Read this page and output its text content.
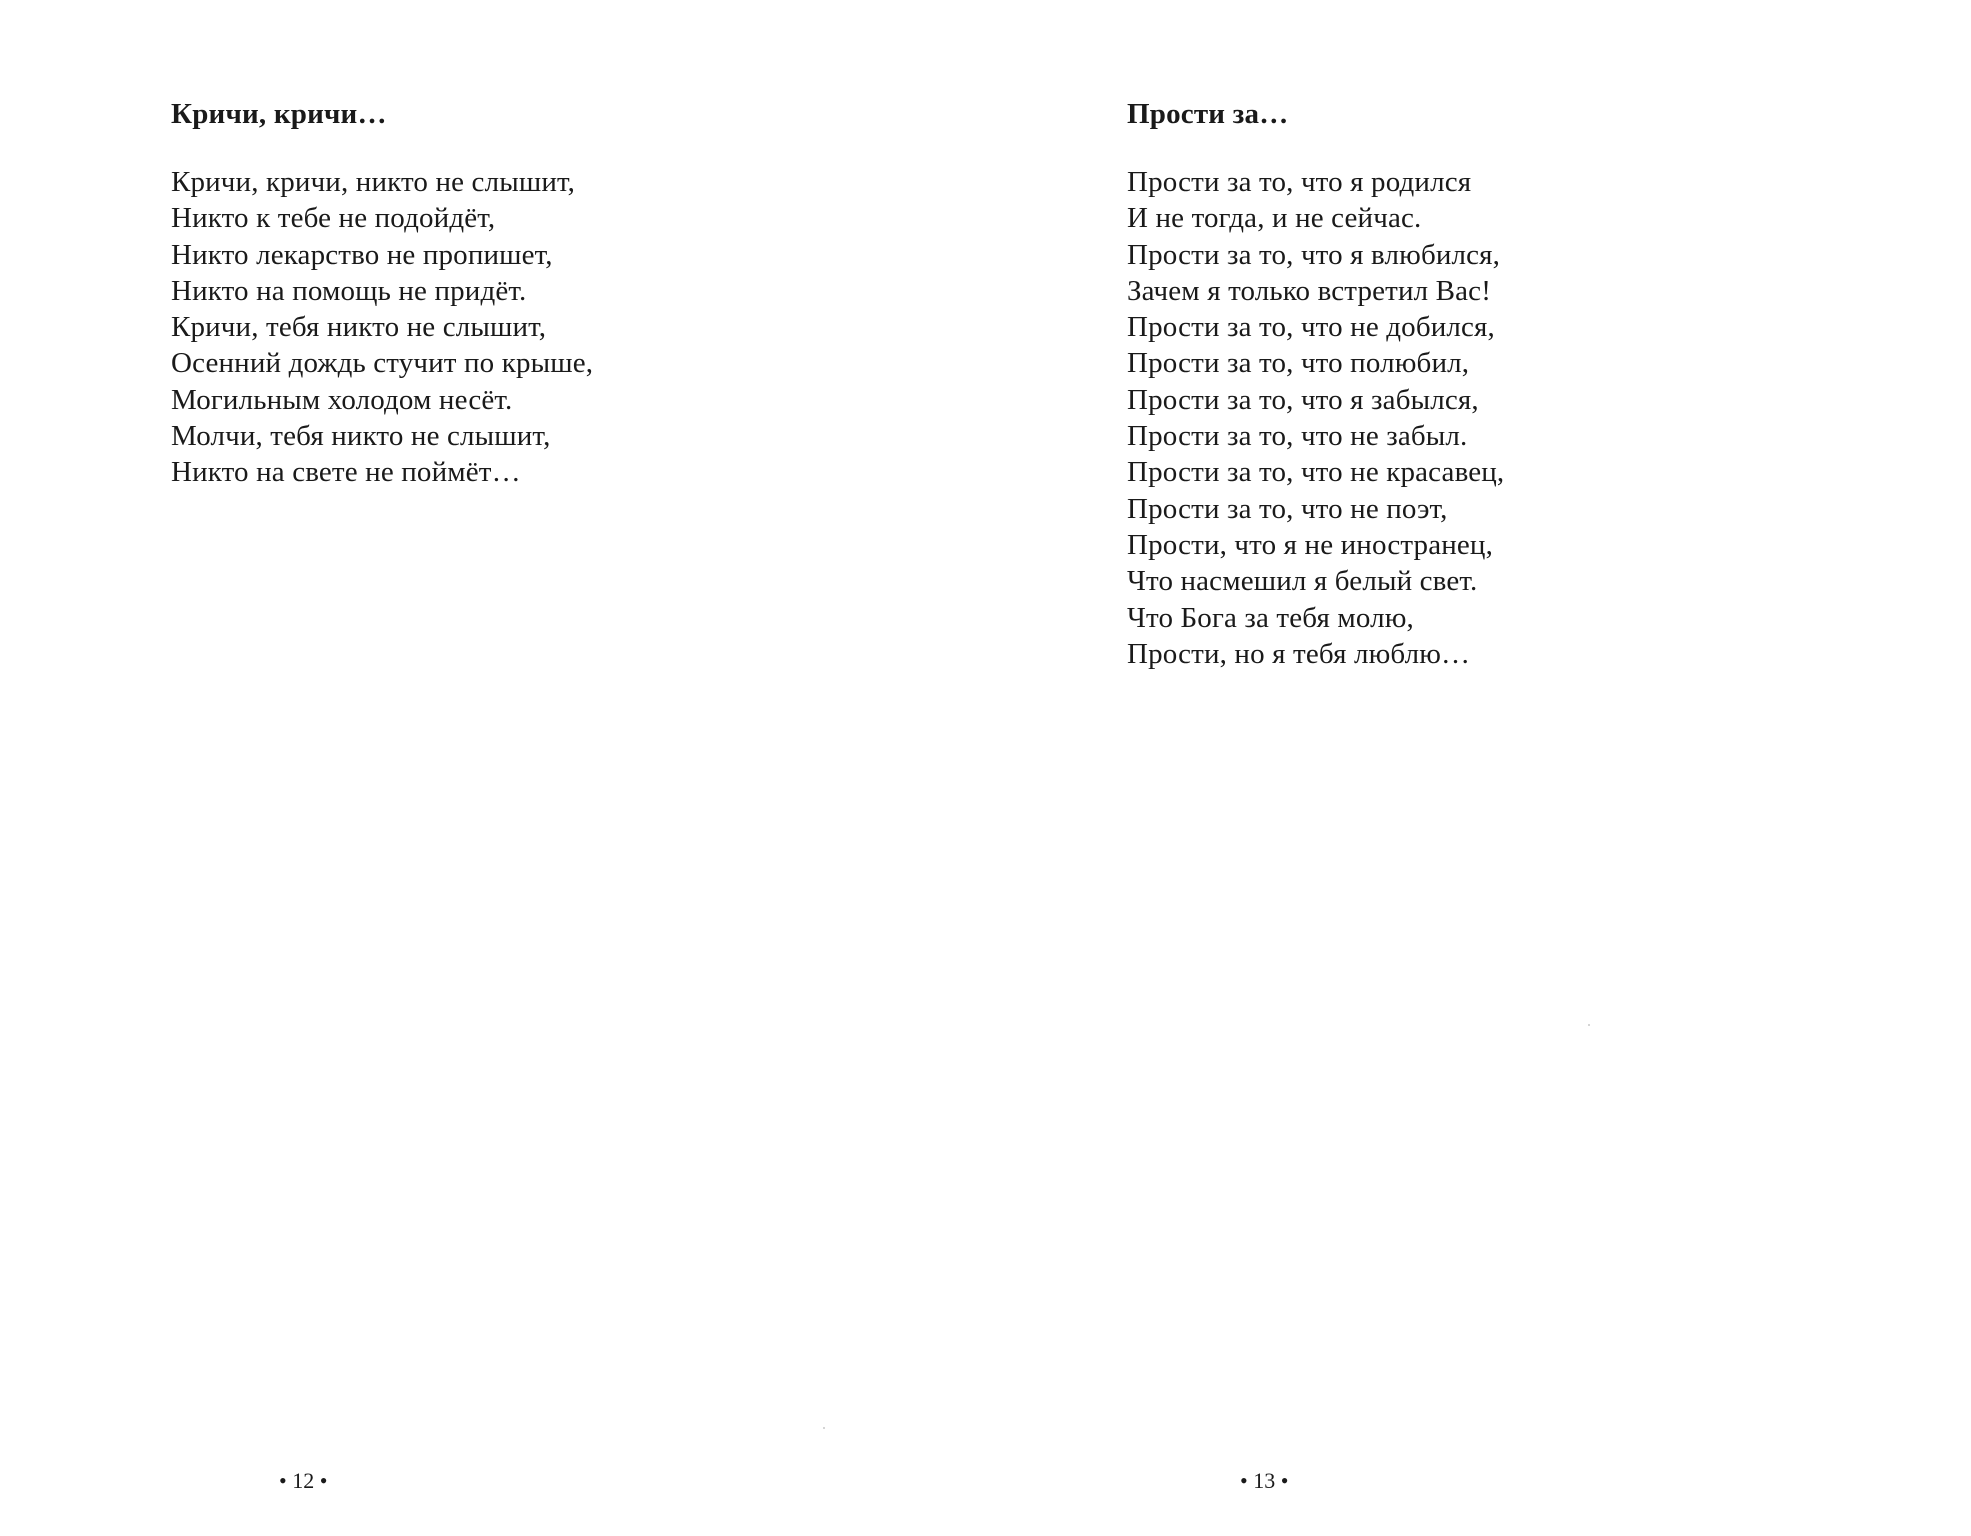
Кричи, кричи…
Кричи, кричи, никто не слышит,
Никто к тебе не подойдёт,
Никто лекарство не пропишет,
Никто на помощь не придёт.
Кричи, тебя никто не слышит,
Осенний дождь стучит по крыше,
Могильным холодом несёт.
Молчи, тебя никто не слышит,
Никто на свете не поймёт…
• 12 •
Прости за…
Прости за то, что я родился
И не тогда, и не сейчас.
Прости за то, что я влюбился,
Зачем я только встретил Вас!
Прости за то, что не добился,
Прости за то, что полюбил,
Прости за то, что я забылся,
Прости за то, что не забыл.
Прости за то, что не красавец,
Прости за то, что не поэт,
Прости, что я не иностранец,
Что насмешил я белый свет.
Что Бога за тебя молю,
Прости, но я тебя люблю…
• 13 •
